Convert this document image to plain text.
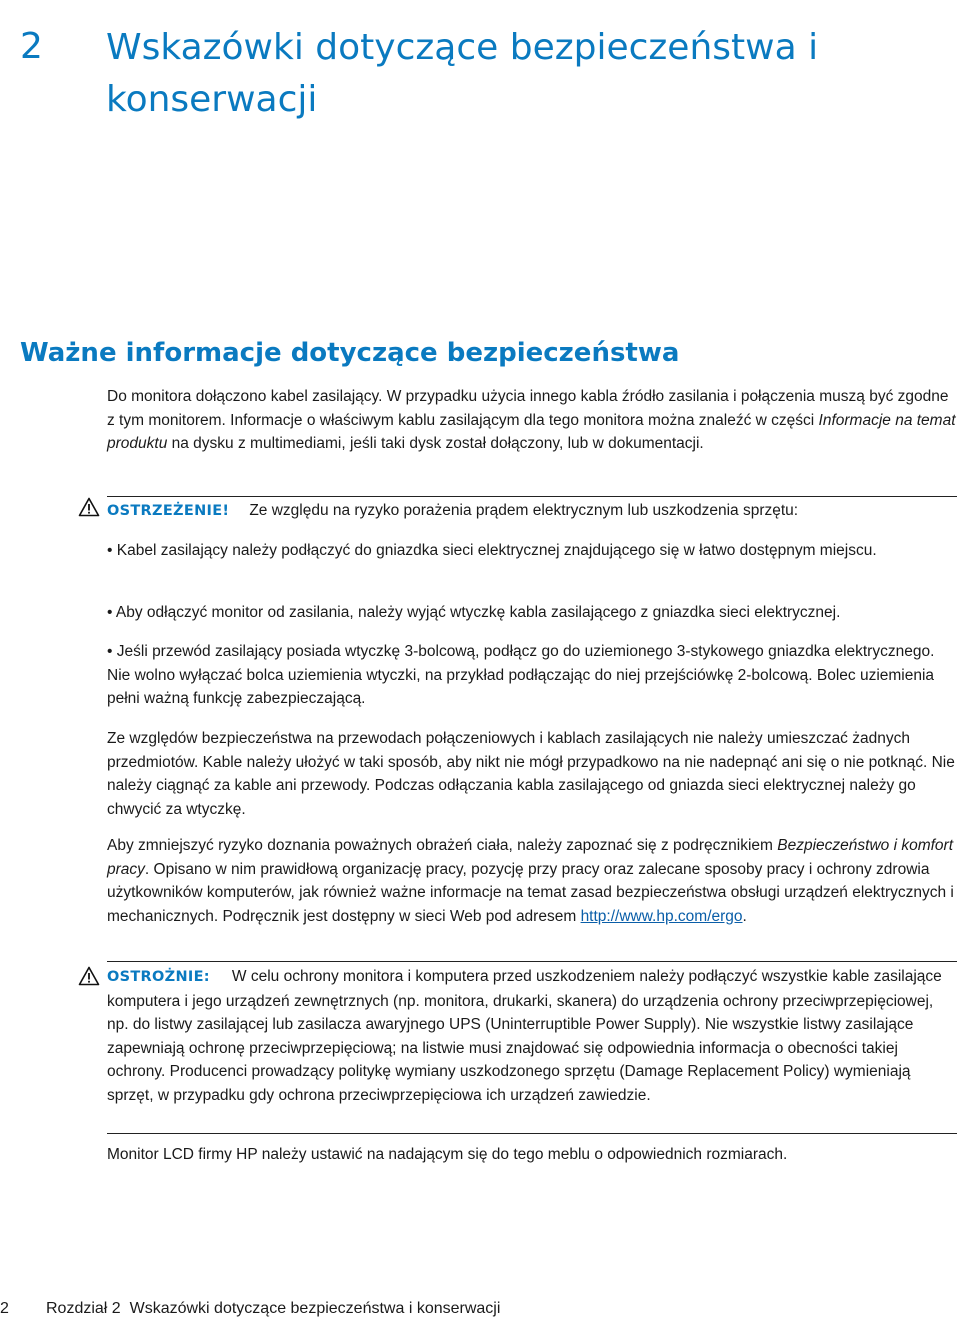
2 Wskazówki dotyczące bezpieczeństwa i konserwacji
Ważne informacje dotyczące bezpieczeństwa
Do monitora dołączono kabel zasilający. W przypadku użycia innego kabla źródło zasilania i połączenia muszą być zgodne z tym monitorem. Informacje o właściwym kablu zasilającym dla tego monitora można znaleźć w części Informacje na temat produktu na dysku z multimediami, jeśli taki dysk został dołączony, lub w dokumentacji.
OSTRZEŻENIE! Ze względu na ryzyko porażenia prądem elektrycznym lub uszkodzenia sprzętu:
• Kabel zasilający należy podłączyć do gniazdka sieci elektrycznej znajdującego się w łatwo dostępnym miejscu.
• Aby odłączyć monitor od zasilania, należy wyjąć wtyczkę kabla zasilającego z gniazdka sieci elektrycznej.
• Jeśli przewód zasilający posiada wtyczkę 3-bolcową, podłącz go do uziemionego 3-stykowego gniazdka elektrycznego. Nie wolno wyłączać bolca uziemienia wtyczki, na przykład podłączając do niej przejściówkę 2-bolcową. Bolec uziemienia pełni ważną funkcję zabezpieczającą.
Ze względów bezpieczeństwa na przewodach połączeniowych i kablach zasilających nie należy umieszczać żadnych przedmiotów. Kable należy ułożyć w taki sposób, aby nikt nie mógł przypadkowo na nie nadepnąć ani się o nie potknąć. Nie należy ciągnąć za kable ani przewody. Podczas odłączania kabla zasilającego od gniazda sieci elektrycznej należy go chwycić za wtyczkę.
Aby zmniejszyć ryzyko doznania poważnych obrażeń ciała, należy zapoznać się z podręcznikiem Bezpieczeństwo i komfort pracy. Opisano w nim prawidłową organizację pracy, pozycję przy pracy oraz zalecane sposoby pracy i ochrony zdrowia użytkowników komputerów, jak również ważne informacje na temat zasad bezpieczeństwa obsługi urządzeń elektrycznych i mechanicznych. Podręcznik jest dostępny w sieci Web pod adresem http://www.hp.com/ergo.
OSTROŻNIE: W celu ochrony monitora i komputera przed uszkodzeniem należy podłączyć wszystkie kable zasilające komputera i jego urządzeń zewnętrznych (np. monitora, drukarki, skanera) do urządzenia ochrony przeciwprzepięciowej, np. do listwy zasilającej lub zasilacza awaryjnego UPS (Uninterruptible Power Supply). Nie wszystkie listwy zasilające zapewniają ochronę przeciwprzepięciową; na listwie musi znajdować się odpowiednia informacja o obecności takiej ochrony. Producenci prowadzący politykę wymiany uszkodzonego sprzętu (Damage Replacement Policy) wymieniają sprzęt, w przypadku gdy ochrona przeciwprzepięciowa ich urządzeń zawiedzie.
Monitor LCD firmy HP należy ustawić na nadającym się do tego meblu o odpowiednich rozmiarach.
2 Rozdział 2  Wskazówki dotyczące bezpieczeństwa i konserwacji
